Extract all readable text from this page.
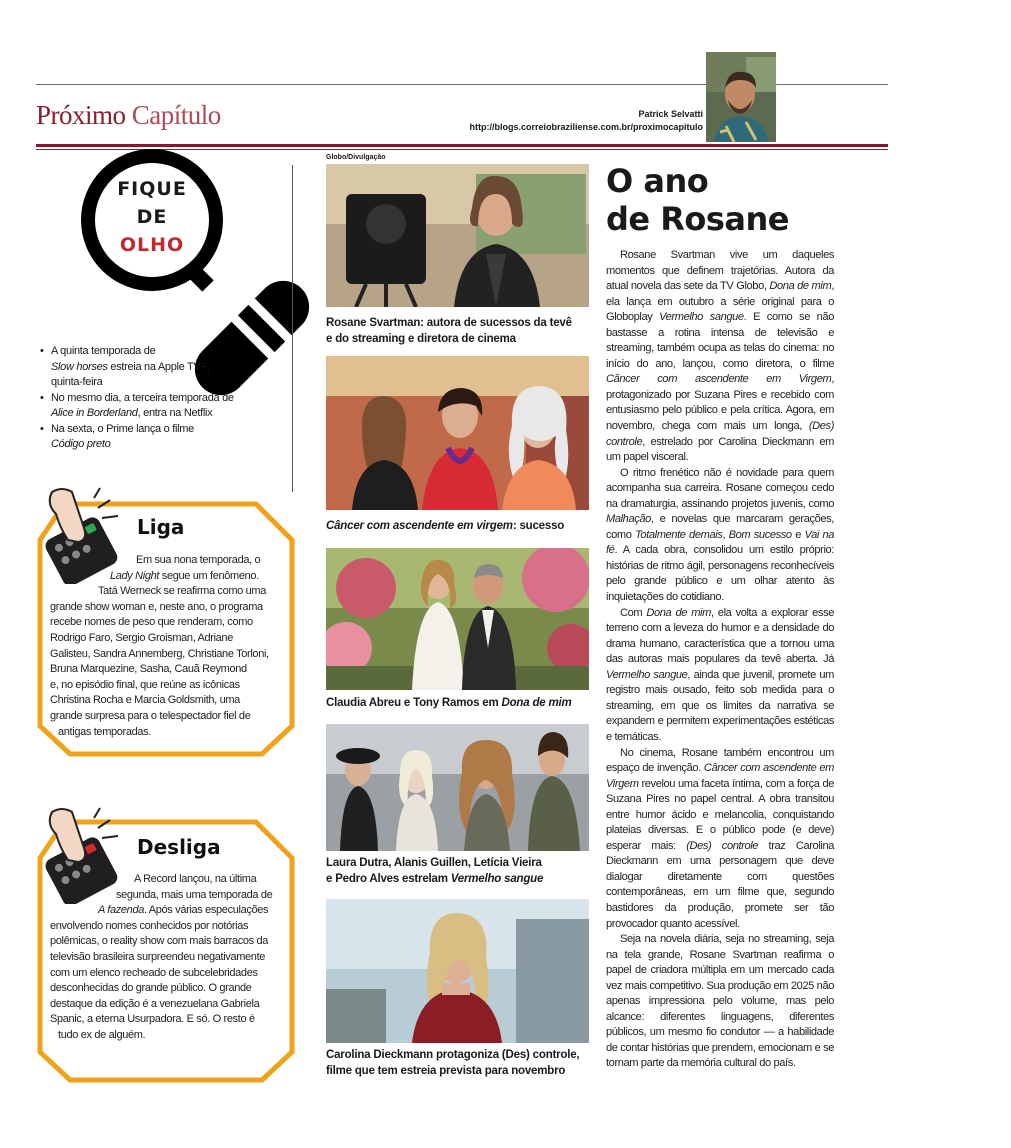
Próximo Capítulo	Patrick Selvatti
http://blogs.correiobraziliense.com.br/proximocapitulo
FIQUE
DE
OLHO
• A quinta temporada de
Slow horses estreia na Apple TV+,
quinta-feira
• No mesmo dia, a terceira temporada de
Alice in Borderland, entra na Netflix
• Na sexta, o Prime lança o filme
Código preto
Liga

Em sua nona temporada, o

Lady Night segue um fenômeno.

Tatá Werneck se reafirma como uma

grande show woman e, neste ano, o programa

recebe nomes de peso que renderam, como

Rodrigo Faro, Sergio Groisman, Adriane

Galisteu, Sandra Annemberg, Christiane Torloni,

Bruna Marquezine, Sasha, Cauã Reymond

e, no episódio final, que reúne as icônicas

Christina Rocha e Marcia Goldsmith, uma

grande surpresa para o telespectador fiel de

antigas temporadas.

Desliga

A Record lançou, na última

segunda, mais uma temporada de

A fazenda. Após várias especulações

envolvendo nomes conhecidos por notórias

polêmicas, o reality show com mais barracos da

televisão brasileira surpreendeu negativamente

com um elenco recheado de subcelebridades

desconhecidas do grande público. O grande

destaque da edição é a venezuelana Gabriela

Spanic, a eterna Usurpadora. E só. O resto é

tudo ex de alguém.

Globo/Divulgação
Rosane Svartman: autora de sucessos da tevê
e do streaming e diretora de cinema
Câncer com ascendente em virgem: sucesso
Claudia Abreu e Tony Ramos em Dona de mim
Laura Dutra, Alanis Guillen, Letícia Vieira
e Pedro Alves estrelam Vermelho sangue
Carolina Dieckmann protagoniza (Des) controle,
filme que tem estreia prevista para novembro
O ano
de Rosane

Rosane Svartman vive um daqueles momentos que definem trajetórias. Autora da atual novela das sete da TV Globo, Dona de mim, ela lança em outubro a série original para o Globoplay Vermelho sangue. E como se não bastasse a rotina intensa de televisão e streaming, também ocupa as telas do cinema: no início do ano, lançou, como diretora, o filme Câncer com ascendente em Virgem, protagonizado por Suzana Pires e recebido com entusiasmo pelo público e pela crítica. Agora, em novembro, chega com mais um longa, (Des) controle, estrelado por Carolina Dieckmann em um papel visceral.

O ritmo frenético não é novidade para quem acompanha sua carreira. Rosane começou cedo na dramaturgia, assinando projetos juvenis, como Malhação, e novelas que marcaram gerações, como Totalmente demais, Bom sucesso e Vai na fé. A cada obra, consolidou um estilo próprio: histórias de ritmo ágil, personagens reconhecíveis pelo grande público e um olhar atento às inquietações do cotidiano.

Com Dona de mim, ela volta a explorar esse terreno com a leveza do humor e a densidade do drama humano, característica que a tornou uma das autoras mais populares da tevê aberta. Já Vermelho sangue, ainda que juvenil, promete um registro mais ousado, feito sob medida para o streaming, em que os limites da narrativa se expandem e permitem experimentações estéticas e temáticas.

No cinema, Rosane também encontrou um espaço de invenção. Câncer com ascendente em Virgem revelou uma faceta íntima, com a força de Suzana Pires no papel central. A obra transitou entre humor ácido e melancolia, conquistando plateias diversas. E o público pode (e deve) esperar mais: (Des) controle traz Carolina Dieckmann em uma personagem que deve dialogar diretamente com questões contemporâneas, em um filme que, segundo bastidores da produção, promete ser tão provocador quanto acessível.

Seja na novela diária, seja no streaming, seja na tela grande, Rosane Svartman reafirma o papel de criadora múltipla em um mercado cada vez mais competitivo. Sua produção em 2025 não apenas impressiona pelo volume, mas pelo alcance: diferentes linguagens, diferentes públicos, um mesmo fio condutor — a habilidade de contar histórias que prendem, emocionam e se tornam parte da memória cultural do país.
